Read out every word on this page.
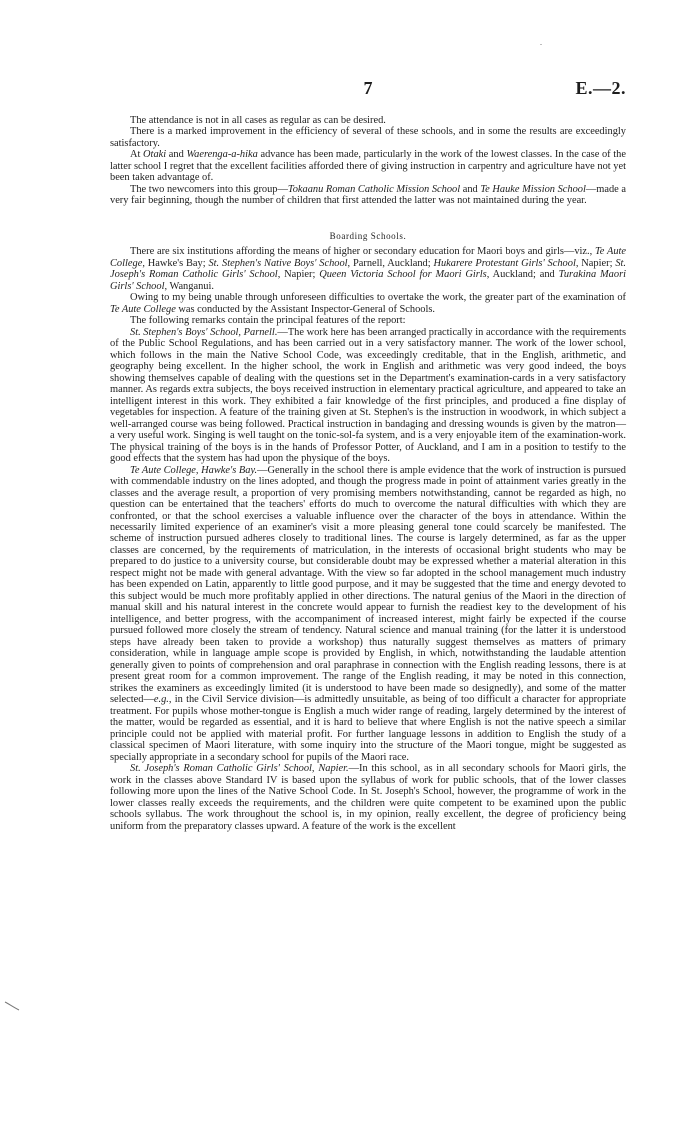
.
7	E.—2.

The attendance is not in all cases as regular as can be desired.

There is a marked improvement in the efficiency of several of these schools, and in some the results are exceedingly satisfactory.

At Otaki and Waerenga-a-hika advance has been made, particularly in the work of the lowest classes. In the case of the latter school I regret that the excellent facilities afforded there of giving instruction in carpentry and agriculture have not yet been taken advantage of.

The two newcomers into this group—Tokaanu Roman Catholic Mission School and Te Hauke Mission School—made a very fair beginning, though the number of children that first attended the latter was not maintained during the year.

Boarding Schools.

There are six institutions affording the means of higher or secondary education for Maori boys and girls—viz., Te Aute College, Hawke's Bay; St. Stephen's Native Boys' School, Parnell, Auckland; Hukarere Protestant Girls' School, Napier; St. Joseph's Roman Catholic Girls' School, Napier; Queen Victoria School for Maori Girls, Auckland; and Turakina Maori Girls' School, Wanganui.

Owing to my being unable through unforeseen difficulties to overtake the work, the greater part of the examination of Te Aute College was conducted by the Assistant Inspector-General of Schools.

The following remarks contain the principal features of the report:

St. Stephen's Boys' School, Parnell.—The work here has been arranged practically in accordance with the requirements of the Public School Regulations, and has been carried out in a very satisfactory manner. The work of the lower school, which follows in the main the Native School Code, was exceedingly creditable, that in the English, arithmetic, and geography being excellent. In the higher school, the work in English and arithmetic was very good indeed, the boys showing themselves capable of dealing with the questions set in the Department's examination-cards in a very satisfactory manner. As regards extra subjects, the boys received instruction in elementary practical agriculture, and appeared to take an intelligent interest in this work. They exhibited a fair knowledge of the first principles, and produced a fine display of vegetables for inspection. A feature of the training given at St. Stephen's is the instruction in woodwork, in which subject a well-arranged course was being followed. Practical instruction in bandaging and dressing wounds is given by the matron—a very useful work. Singing is well taught on the tonic-sol-fa system, and is a very enjoyable item of the examination-work. The physical training of the boys is in the hands of Professor Potter, of Auckland, and I am in a position to testify to the good effects that the system has had upon the physique of the boys.

Te Aute College, Hawke's Bay.—Generally in the school there is ample evidence that the work of instruction is pursued with commendable industry on the lines adopted, and though the progress made in point of attainment varies greatly in the classes and the average result, a proportion of very promising members notwithstanding, cannot be regarded as high, no question can be entertained that the teachers' efforts do much to overcome the natural difficulties with which they are confronted, or that the school exercises a valuable influence over the character of the boys in attendance. Within the necessarily limited experience of an examiner's visit a more pleasing general tone could scarcely be manifested. The scheme of instruction pursued adheres closely to traditional lines. The course is largely determined, as far as the upper classes are concerned, by the requirements of matriculation, in the interests of occasional bright students who may be prepared to do justice to a university course, but considerable doubt may be expressed whether a material alteration in this respect might not be made with general advantage. With the view so far adopted in the school management much industry has been expended on Latin, apparently to little good purpose, and it may be suggested that the time and energy devoted to this subject would be much more profitably applied in other directions. The natural genius of the Maori in the direction of manual skill and his natural interest in the concrete would appear to furnish the readiest key to the development of his intelligence, and better progress, with the accompaniment of increased interest, might fairly be expected if the course pursued followed more closely the stream of tendency. Natural science and manual training (for the latter it is understood steps have already been taken to provide a workshop) thus naturally suggest themselves as matters of primary consideration, while in language ample scope is provided by English, in which, notwithstanding the laudable attention generally given to points of comprehension and oral paraphrase in connection with the English reading lessons, there is at present great room for a common improvement. The range of the English reading, it may be noted in this connection, strikes the examiners as exceedingly limited (it is understood to have been made so designedly), and some of the matter selected—e.g., in the Civil Service division—is admittedly unsuitable, as being of too difficult a character for appropriate treatment. For pupils whose mother-tongue is English a much wider range of reading, largely determined by the interest of the matter, would be regarded as essential, and it is hard to believe that where English is not the native speech a similar principle could not be applied with material profit. For further language lessons in addition to English the study of a classical specimen of Maori literature, with some inquiry into the structure of the Maori tongue, might be suggested as specially appropriate in a secondary school for pupils of the Maori race.

St. Joseph's Roman Catholic Girls' School, Napier.—In this school, as in all secondary schools for Maori girls, the work in the classes above Standard IV is based upon the syllabus of work for public schools, that of the lower classes following more upon the lines of the Native School Code. In St. Joseph's School, however, the programme of work in the lower classes really exceeds the requirements, and the children were quite competent to be examined upon the public schools syllabus. The work throughout the school is, in my opinion, really excellent, the degree of proficiency being uniform from the preparatory classes upward. A feature of the work is the excellent
